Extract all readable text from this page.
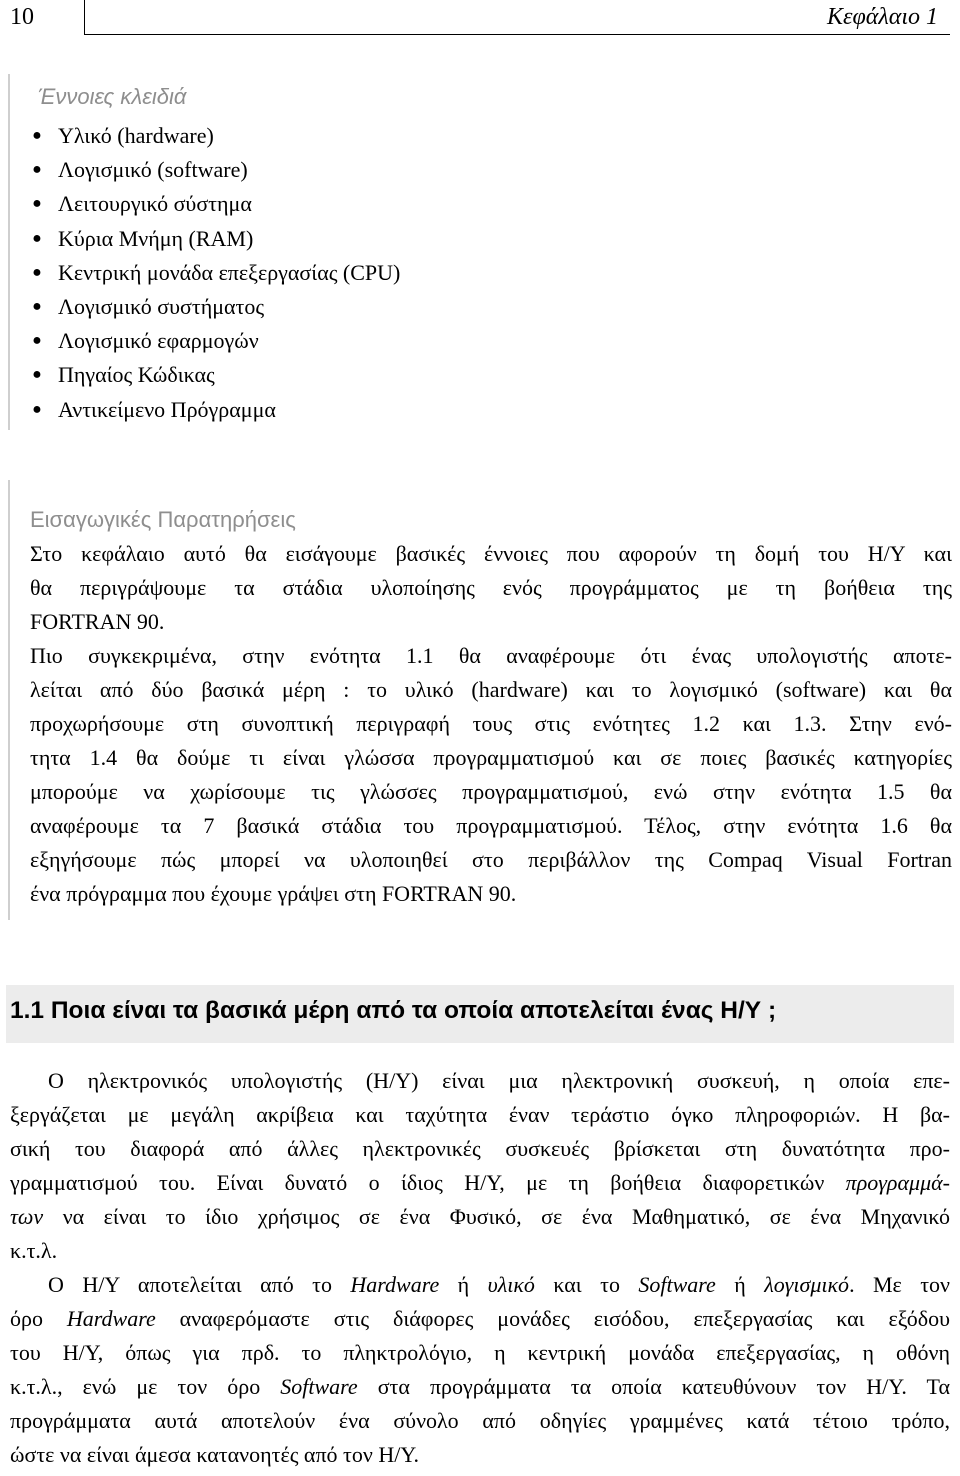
10	Κεφάλαιο 1
Έννοιες κλειδιά
● Υλικό (hardware)
● Λογισμικό (software)
● Λειτουργικό σύστημα
● Κύρια Μνήμη (RAM)
● Κεντρική μονάδα επεξεργασίας (CPU)
● Λογισμικό συστήματος
● Λογισμικό εφαρμογών
● Πηγαίος Κώδικας
● Αντικείμενο Πρόγραμμα
Εισαγωγικές Παρατηρήσεις
Στο κεφάλαιο αυτό θα εισάγουμε βασικές έννοιες που αφορούν τη δομή του Η/Υ και
θα περιγράψουμε τα στάδια υλοποίησης ενός προγράμματος με τη βοήθεια της
FORTRAN 90.
Πιο συγκεκριμένα, στην ενότητα 1.1 θα αναφέρουμε ότι ένας υπολογιστής αποτε-
λείται από δύο βασικά μέρη : το υλικό (hardware) και το λογισμικό (software) και θα
προχωρήσουμε στη συνοπτική περιγραφή τους στις ενότητες 1.2 και 1.3. Στην ενό-
τητα 1.4 θα δούμε τι είναι γλώσσα προγραμματισμού και σε ποιες βασικές κατηγορίες
μπορούμε να χωρίσουμε τις γλώσσες προγραμματισμού, ενώ στην ενότητα 1.5 θα
αναφέρουμε τα 7 βασικά στάδια του προγραμματισμού. Τέλος, στην ενότητα 1.6 θα
εξηγήσουμε πώς μπορεί να υλοποιηθεί στο περιβάλλον της Compaq Visual Fortran
ένα πρόγραμμα που έχουμε γράψει στη FORTRAN 90.
1.1 Ποια είναι τα βασικά μέρη από τα οποία αποτελείται ένας Η/Υ ;
Ο ηλεκτρονικός υπολογιστής (Η/Υ) είναι μια ηλεκτρονική συσκευή, η οποία επε-
ξεργάζεται με μεγάλη ακρίβεια και ταχύτητα έναν τεράστιο όγκο πληροφοριών. Η βα-
σική του διαφορά από άλλες ηλεκτρονικές συσκευές βρίσκεται στη δυνατότητα προ-
γραμματισμού του. Είναι δυνατό ο ίδιος Η/Υ, με τη βοήθεια διαφορετικών προγραμμά-
των να είναι το ίδιο χρήσιμος σε ένα Φυσικό, σε ένα Μαθηματικό, σε ένα Μηχανικό
κ.τ.λ.
Ο Η/Υ αποτελείται από το Hardware ή υλικό και το Software ή λογισμικό. Με τον
όρο Hardware αναφερόμαστε στις διάφορες μονάδες εισόδου, επεξεργασίας και εξόδου
του Η/Υ, όπως για πρδ. το πληκτρολόγιο, η κεντρική μονάδα επεξεργασίας, η οθόνη
κ.τ.λ., ενώ με τον όρο Software στα προγράμματα τα οποία κατευθύνουν τον Η/Υ. Τα
προγράμματα αυτά αποτελούν ένα σύνολο από οδηγίες γραμμένες κατά τέτοιο τρόπο,
ώστε να είναι άμεσα κατανοητές από τον Η/Υ.
